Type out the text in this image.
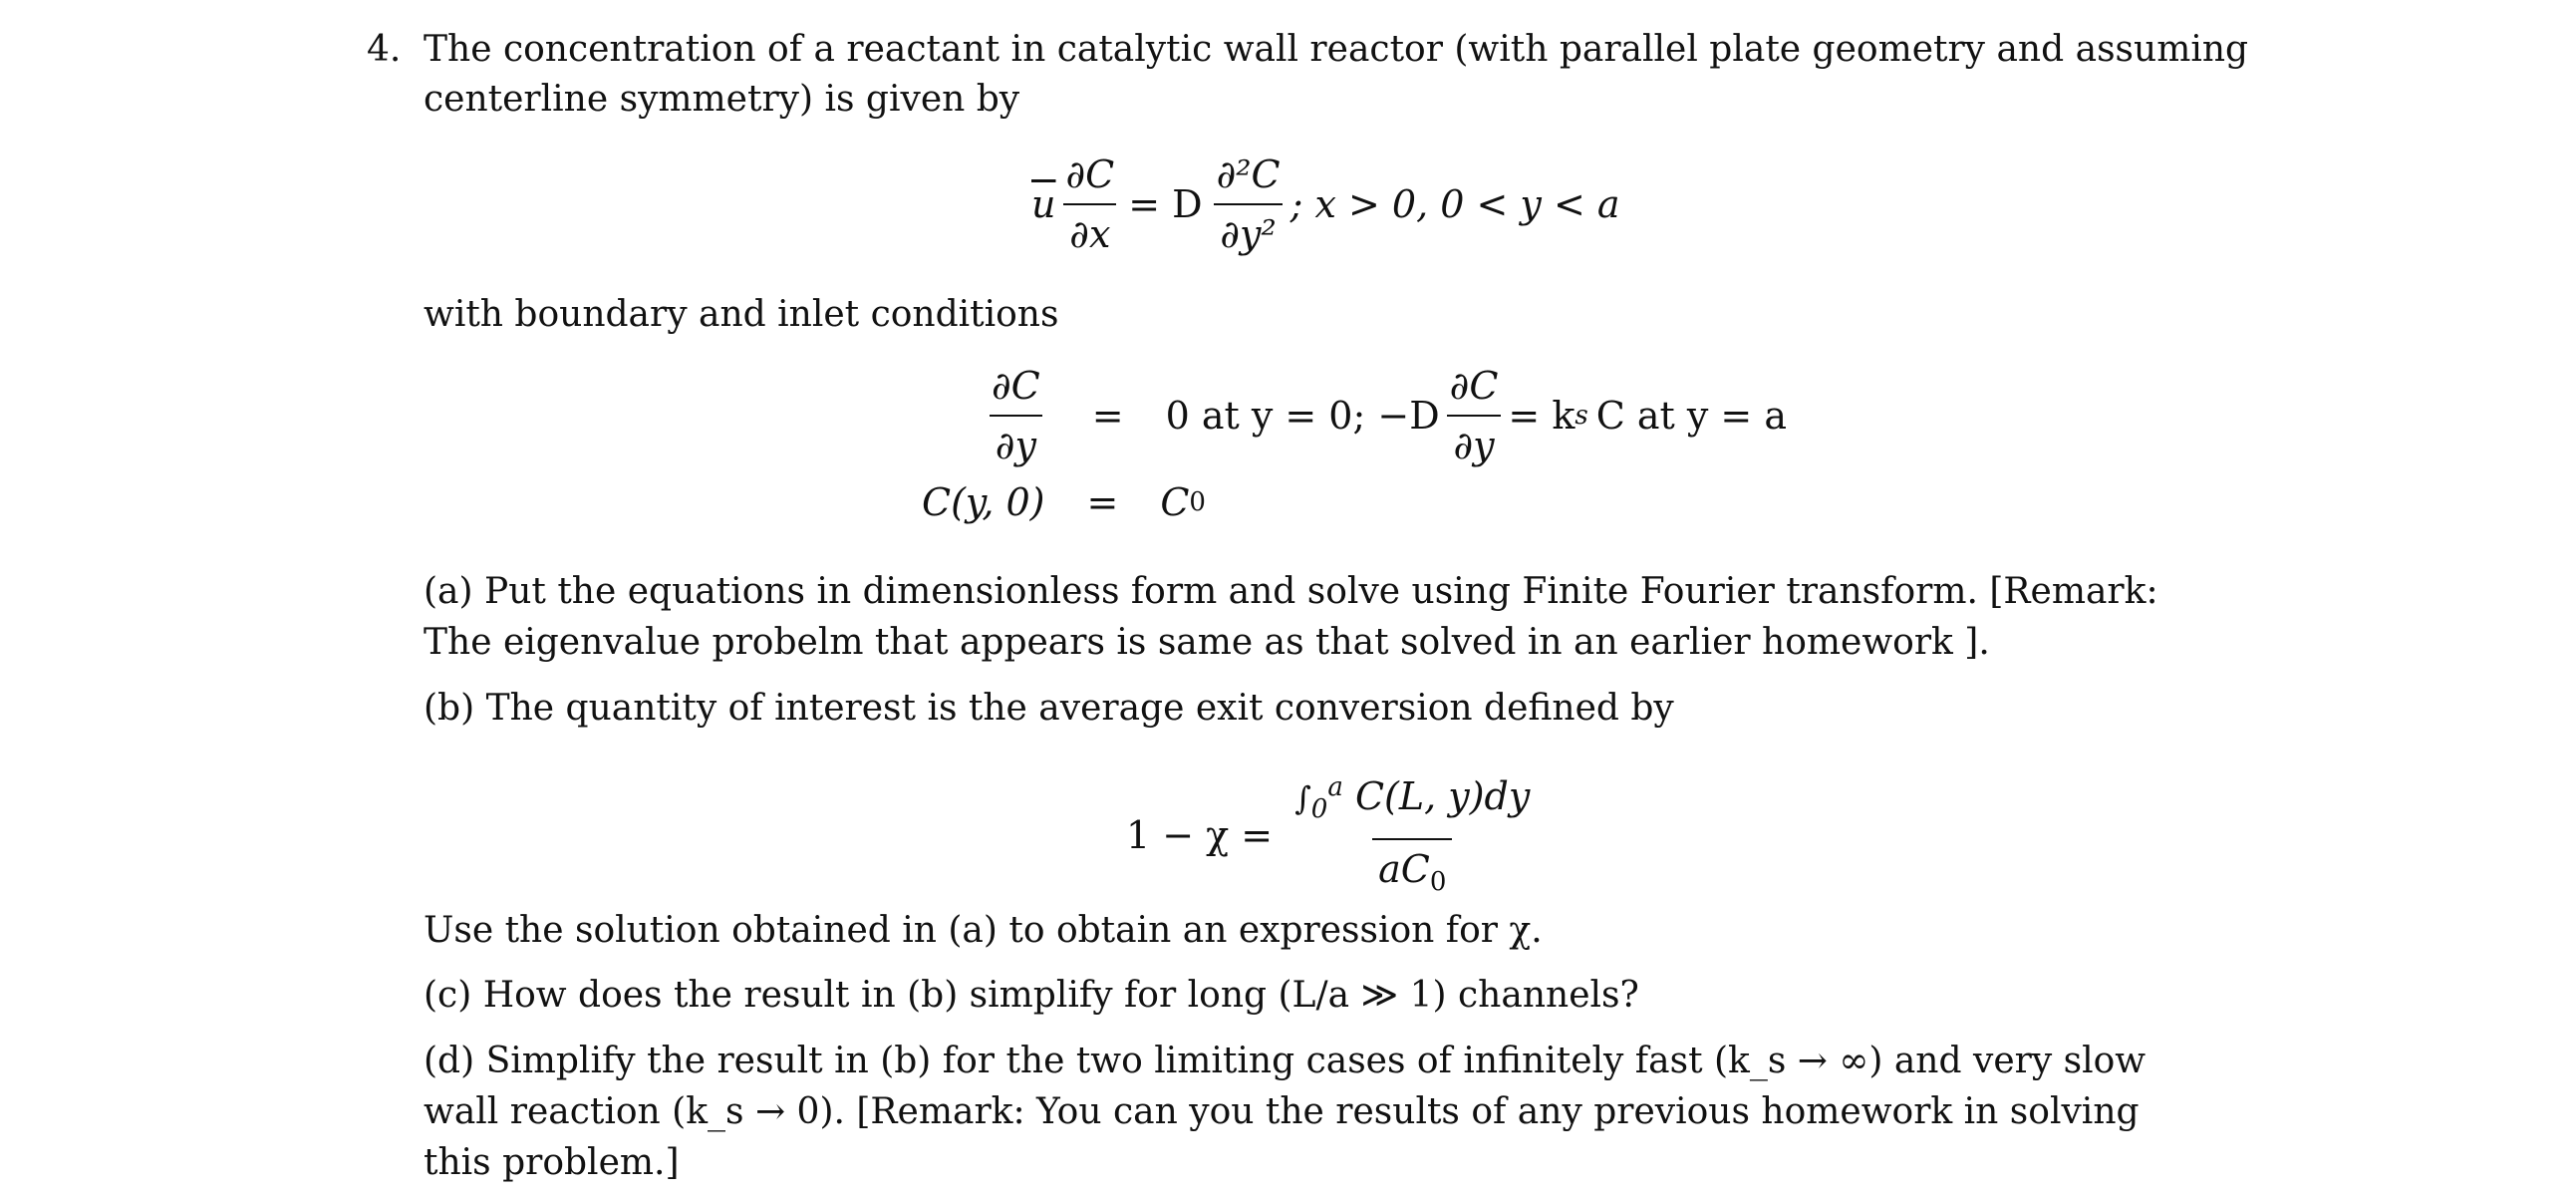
4. The concentration of a reactant in catalytic wall reactor (with parallel plate geometry and assuming

centerline symmetry) is given by

$\overline{u} \frac{\partial C}{\partial x} = D \frac{\text{∂²C}}{\text{∂y²}}$ ; x > 0, 0 < y < a

with boundary and inlet conditions

$\frac{\partial C}{\partial y} = 0$ at y = 0; $-D \frac{\partial C}{\partial y} = k$ s C at y = a
C(y, 0) = C 0

(a) Put the equations in dimensionless form and solve using Finite Fourier transform. [Remark:

The eigenvalue probelm that appears is same as that solved in an earlier homework ].

(b) The quantity of interest is the average exit conversion defined by

$1 - \chi = \frac{\int_0^a C(L, y)dy}{aC_0}$

Use the solution obtained in (a) to obtain an expression for χ.

(c) How does the result in (b) simplify for long (L/a ≫ 1) channels?

(d) Simplify the result in (b) for the two limiting cases of infinitely fast (k_s → ∞) and very slow

wall reaction (k_s → 0). [Remark: You can you the results of any previous homework in solving

this problem.]
